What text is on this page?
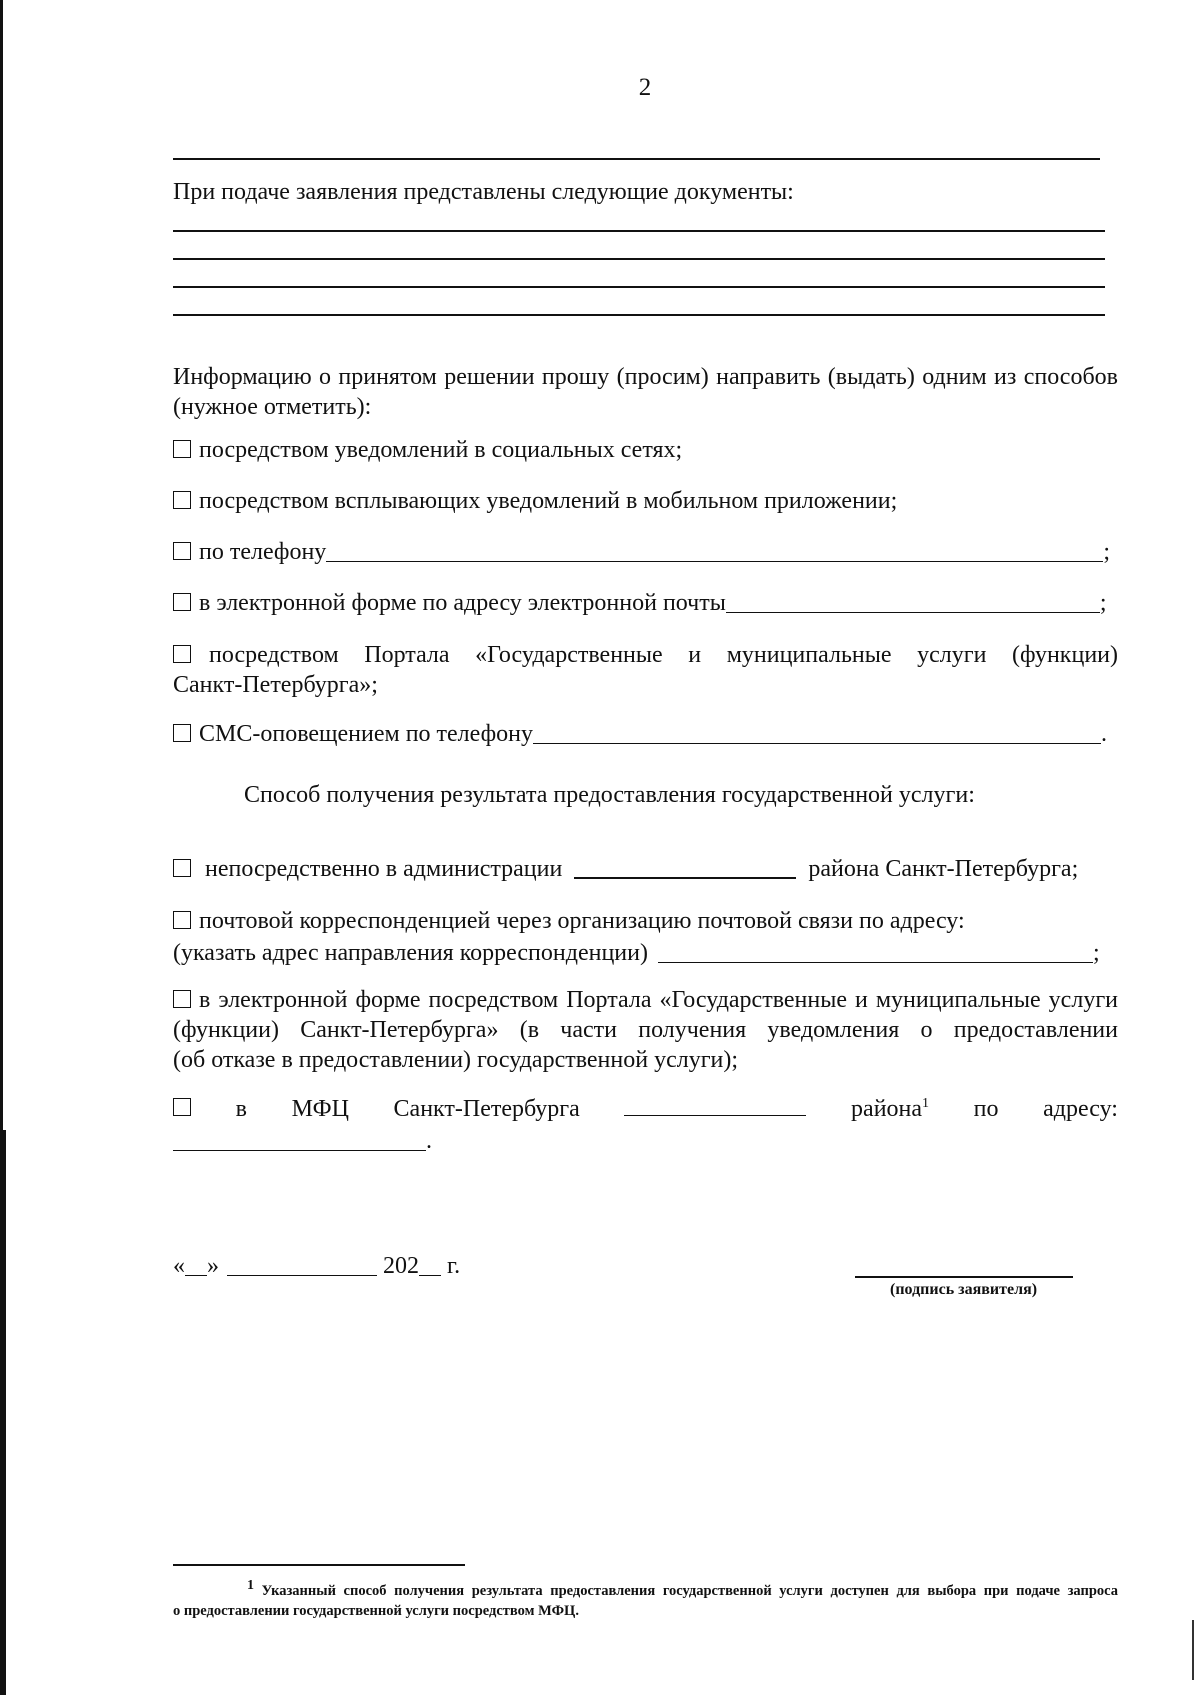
2
При подаче заявления представлены следующие документы:
Информацию о принятом решении прошу (просим) направить (выдать) одним из способов
(нужное отметить):
посредством уведомлений в социальных сетях;
посредством всплывающих уведомлений в мобильном приложении;
по телефону	;
в электронной форме по адресу электронной почты	;
посредством Портала «Государственные и муниципальные услуги (функции)
Санкт-Петербурга»;
СМС-оповещением по телефону	.
Способ получения результата предоставления государственной услуги:
непосредственно в администрации	района Санкт-Петербурга;
почтовой корреспонденцией через организацию почтовой связи по адресу:
(указать адрес направления корреспонденции)	;
в электронной форме посредством Портала «Государственные и муниципальные услуги
(функции) Санкт-Петербурга» (в части получения уведомления о предоставлении
(об отказе в предоставлении) государственной услуги);
в МФЦ Санкт-Петербурга	района$^1$ по адресу:
.
« »	202 г.
(подпись заявителя)
$^1$ Указанный способ получения результата предоставления государственной услуги доступен для выбора при подаче запроса
о предоставлении государственной услуги посредством МФЦ.
